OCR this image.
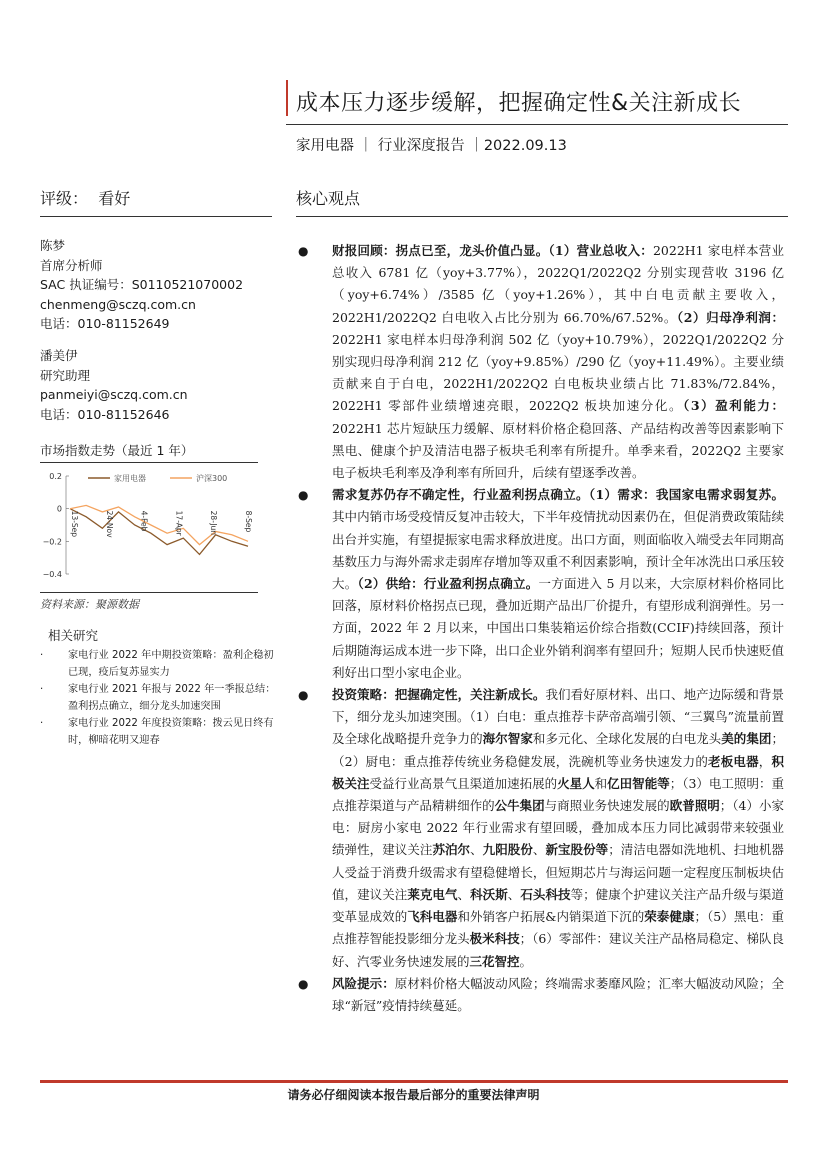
成本压力逐步缓解，把握确定性&关注新成长
家用电器 ｜ 行业深度报告 ｜2022.09.13
评级： 看好	核心观点
陈梦
首席分析师
SAC 执证编号：S0110521070002
chenmeng@sczq.com.cn
电话：010-81152649
潘美伊
研究助理
panmeiyi@sczq.com.cn
电话：010-81152646
市场指数走势（最近 1 年）
0.2
0
−0.2
−0.4
13-Sep	24-Nov	4-Feb	17-Apr	28-Jun	8-Sep
家用电器	沪深300
资料来源：聚源数据
相关研究
· 家电行业 2022 年中期投资策略：盈利企稳初已现，疫后复苏显实力
· 家电行业 2021 年报与 2022 年一季报总结：盈利拐点确立，细分龙头加速突围
· 家电行业 2022 年度投资策略：拨云见日终有时，柳暗花明又迎春
●	财报回顾：拐点已至，龙头价值凸显。（1）营业总收入：2022H1 家电样本营业总收入 6781 亿（yoy+3.77%），2022Q1/2022Q2 分别实现营收 3196 亿（yoy+6.74%）/3585 亿（yoy+1.26%），其中白电贡献主要收入，2022H1/2022Q2 白电收入占比分别为 66.70%/67.52%。（2）归母净利润：2022H1 家电样本归母净利润 502 亿（yoy+10.79%），2022Q1/2022Q2 分别实现归母净利润 212 亿（yoy+9.85%）/290 亿（yoy+11.49%）。主要业绩贡献来自于白电，2022H1/2022Q2 白电板块业绩占比 71.83%/72.84%，2022H1 零部件业绩增速亮眼，2022Q2 板块加速分化。（3）盈利能力：2022H1 芯片短缺压力缓解、原材料价格企稳回落、产品结构改善等因素影响下黑电、健康个护及清洁电器子板块毛利率有所提升。单季来看，2022Q2 主要家电子板块毛利率及净利率有所回升，后续有望逐季改善。

●	需求复苏仍存不确定性，行业盈利拐点确立。（1）需求：我国家电需求弱复苏。其中内销市场受疫情反复冲击较大，下半年疫情扰动因素仍在，但促消费政策陆续出台并实施，有望提振家电需求释放进度。出口方面，则面临收入端受去年同期高基数压力与海外需求走弱库存增加等双重不利因素影响，预计全年冰洗出口承压较大。（2）供给：行业盈利拐点确立。一方面进入 5 月以来，大宗原材料价格同比回落，原材料价格拐点已现，叠加近期产品出厂价提升，有望形成利润弹性。另一方面，2022 年 2 月以来，中国出口集装箱运价综合指数(CCIF)持续回落，预计后期随海运成本进一步下降，出口企业外销利润率有望回升；短期人民币快速贬值利好出口型小家电企业。

●	投资策略：把握确定性，关注新成长。我们看好原材料、出口、地产边际缓和背景下，细分龙头加速突围。（1）白电：重点推荐卡萨帝高端引领、“三翼鸟”流量前置及全球化战略提升竞争力的海尔智家和多元化、全球化发展的白电龙头美的集团；（2）厨电：重点推荐传统业务稳健发展，洗碗机等业务快速发力的老板电器，积极关注受益行业高景气且渠道加速拓展的火星人和亿田智能等；（3）电工照明：重点推荐渠道与产品精耕细作的公牛集团与商照业务快速发展的欧普照明；（4）小家电：厨房小家电 2022 年行业需求有望回暖，叠加成本压力同比减弱带来较强业绩弹性，建议关注苏泊尔、九阳股份、新宝股份等；清洁电器如洗地机、扫地机器人受益于消费升级需求有望稳健增长，但短期芯片与海运问题一定程度压制板块估值，建议关注莱克电气、科沃斯、石头科技等；健康个护建议关注产品升级与渠道变革显成效的飞科电器和外销客户拓展&内销渠道下沉的荣泰健康；（5）黑电：重点推荐智能投影细分龙头极米科技；（6）零部件：建议关注产品格局稳定、梯队良好、汽零业务快速发展的三花智控。

●	风险提示：原材料价格大幅波动风险；终端需求萎靡风险；汇率大幅波动风险；全球“新冠”疫情持续蔓延。

请务必仔细阅读本报告最后部分的重要法律声明
